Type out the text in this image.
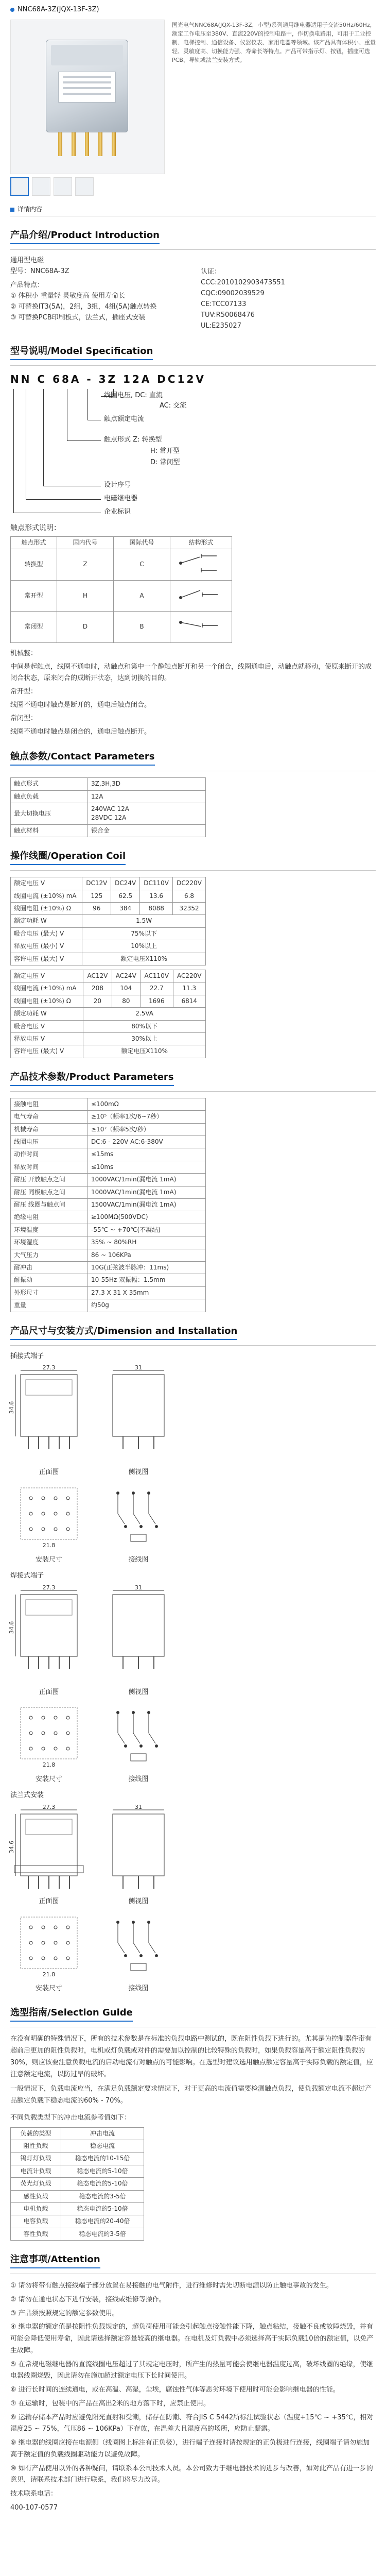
NNC68A-3Z(JQX-13F-3Z)
国光电气NNC68A(JQX-13F-3Z，小型)系列通用继电器适用于交流50Hz/60Hz，额定工作电压至380V、直流220V的控制电路中，作切换电路用，可用于工业控制、电梯控制、通信设备、仪器仪表、家用电器等领域。该产品具有体积小、重量轻、灵敏度高、切换能力强、寿命长等特点。产品可带指示灯、按钮，插座可选PCB、导轨或法兰安装方式。
详情内容
产品介绍/Product Introduction

通用型电磁

型号：NNC68A-3Z

产品特点：

① 体积小 重量轻 灵敏度高 使用寿命长

② 可替换IT3(5A)，2组，3组，4组(5A)触点转换

③ 可替换PCB印刷板式，法兰式，插座式安装

认证：

CCC:2010102903473551

CQC:09002039529

CE:TCC07133

TUV:R50068476

UL:E235027

型号说明/Model Specification
NN C 68A - 3Z 12A DC12V
线圈电压, DC: 直流
AC: 交流
触点额定电流
触点形式 Z: 转换型
H: 常开型
D: 常闭型
设计序号
电磁继电器
企业标识
触点形式说明：
触点形式	国内代号	国际代号	结构形式
转换型	Z	C	
常开型	H	A	
常闭型	D	B	

机械整：

中间是起触点，线圈不通电时，动触点和第中一个静触点断开和另一个闭合，线圈通电后，动触点就移动，使原来断开的成闭合状态，原来闭合的成断开状态，达到切换的目的。

常开型：

线圈不通电时触点是断开的，通电后触点闭合。

常闭型：

线圈不通电时触点是闭合的，通电后触点断开。

触点参数/Contact Parameters
触点形式	3Z,3H,3D
触点负载	12A
最大切换电压	240VAC 12A
28VDC 12A
触点材料	银合金
操作线圈/Operation Coil
额定电压 V	DC12V	DC24V	DC110V	DC220V
线圈电流 (±10%) mA	125	62.5	13.6	6.8
线圈电阻 (±10%) Ω	96	384	8088	32352
额定功耗 W	1.5W			
吸合电压 (最大) V	75%以下			
释放电压 (最小) V	10%以上			
容许电压 (最大) V	额定电压X110%			
额定电压 V	AC12V	AC24V	AC110V	AC220V
线圈电流 (±10%) mA	208	104	22.7	11.3
线圈电阻 (±10%) Ω	20	80	1696	6814
额定功耗 W	2.5VA			
吸合电压 V	80%以下			
释放电压 V	30%以上			
容许电压 (最大) V	额定电压X110%			
产品技术参数/Product Parameters
接触电阻	≤100mΩ
电气寿命	≥10⁵（频率1次/6~7秒）
机械寿命	≥10⁷（频率5次/秒）
线圈电压	DC:6 - 220V AC:6-380V
动作时间	≤15ms
释放时间	≤10ms
耐压 开放触点之间	1000VAC/1min(漏电流 1mA)
耐压 同极触点之间	1000VAC/1min(漏电流 1mA)
耐压 线圈与触点间	1500VAC/1min(漏电流 1mA)
绝缘电阻	≥100MΩ(500VDC)
环境温度	-55℃ ~ +70℃(不凝结)
环境湿度	35% ~ 80%RH
大气压力	86 ~ 106KPa
耐冲击	10G(正弦波半脉冲：11ms)
耐振动	10-55Hz 双振幅：1.5mm
外形尺寸	27.3 X 31 X 35mm
重量	约50g
产品尺寸与安装方式/Dimension and Installation
插接式端子
27.3
34.6
正面图
31
侧视图
21.8
安装尺寸	接线图
焊接式端子
27.3
34.6
正面图
31
侧视图
21.8
安装尺寸	接线图
法兰式安装
27.3
34.6
正面图
31
侧视图
21.8
安装尺寸	接线图
选型指南/Selection Guide

在没有明确的特殊情况下，所有的技术参数是在标准的负载电路中测试的，既在阻性负载下进行的。尤其是为控制器件带有超前后更加的阻性负载时，电机或灯负载或对件的需要加以控制的比较特殊的负载时，如果负载容量高于额定阻性负载的30%，则应该要注意负载电流的启动电流有对触点的可能影响。在选型时建议选用触点额定容量高于实际负载的额定值，应注意额定电流，以防过早的破坏。

一般情况下，负载电流应当，在满足负载额定要求情况下，对于更高的电流值需要检测触点负载，使负载额定电流不超过产品额定负载下稳态电流的60% - 70%。

不同负载类型下的冲击电流参考值如下：

负载的类型	冲击电流
阻性负载	稳态电流
钨灯灯负载	稳态电流的10-15倍
电流计负载	稳态电流的5-10倍
荧光灯负载	稳态电流的5-10倍
感性负载	稳态电流的3-5倍
电机负载	稳态电流的5-10倍
电容负载	稳态电流的20-40倍
容性负载	稳态电流的3-5倍
注意事项/Attention

① 请勿将带有触点接线端子部分放置在易接触的电气附件，进行维修时需先切断电源以防止触电事故的发生。

② 请勿在通电状态下进行安装，接线或维修等操作。

③ 产品须按照规定的额定参数使用。

④ 继电器的额定值是按阻性负载规定的，超负荷使用可能会引起触点接触性能下降，触点粘结，接触不良或故障烧毁，并有可能会降低使用寿命，因此请选择额定容量较高的继电器。在电机及灯负载中必须选择高于实际负载10倍的额定值，以免产生故障。

⑤ 在常规电磁继电器的直流线圈电压超过了其规定电压时，所产生的热量可能会使继电器温度过高，破坏线圈的绝缘，使继电器线圈烧毁，因此请勿在施加超过额定电压下长时间使用。

⑥ 进行长时间的连续通电，或在高温、高湿，尘埃，腐蚀性气体等恶劣环境下使用时可能会影响继电器的性能。

⑦ 在运输时，包装中的产品在高出2米的地方落下时，应禁止使用。

⑧ 运输存储本产品时应避免阳光直射和受潮，储存在防潮、符合JIS C 5442所标注试验状态（温度+15℃ ~ +35℃，相对湿度25 ~ 75%，气压86 ~ 106KPa）下存放，在温差大且湿度高的场所，应防止凝露。

⑨ 继电器的线圈应接在电源侧（线圈图上标注有正负极），进行端子连接时请按规定的正负极进行连接，线圈端子请勿施加高于额定值的负载线圈驱动能力以避免故障。

⑩ 如有产品使用以外的各种疑问，请联系本公司技术人员。本公司致力于继电器技术的进步与改善，如对此产品有进一步的意见，请联系技术部门进行联系，我们将尽力改善。

技术联系电话：

400-107-0577
